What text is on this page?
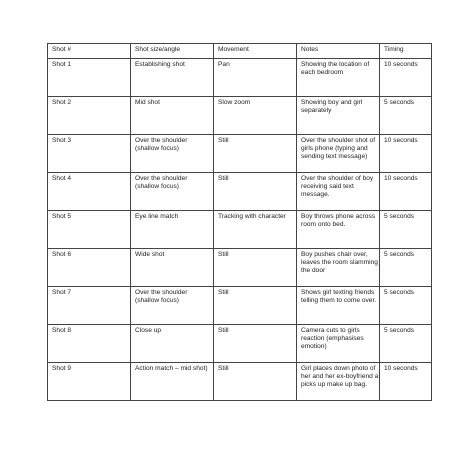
Shot #	Shot size/angle	Movement	Notes	Timing
Shot 1	Establishing shot	Pan	Showing the location of each bedroom	10 seconds
Shot 2	Mid shot	Slow zoom	Showing boy and girl separately	5 seconds
Shot 3	Over the shoulder (shallow focus)	Still	Over the shoulder shot of girls phone (typing and sending text message)	10 seconds
Shot 4	Over the shoulder (shallow focus)	Still	Over the shoulder of boy receiving said text message.	10 seconds
Shot 5	Eye line match	Tracking with character	Boy throws phone across room onto bed.	5 seconds
Shot 6	Wide shot	Still	Boy pushes chair over, leaves the room slamming the door	5 seconds
Shot 7	Over the shoulder (shallow focus)	Still	Shows girl texting friends telling them to come over.	5 seconds
Shot 8	Close up	Still	Camera cuts to girls reaction (emphasises emotion)	5 seconds
Shot 9	Action match – mid shot)	Still	Girl places down photo of her and her ex-boyfriend a picks up make up bag.	10 seconds
